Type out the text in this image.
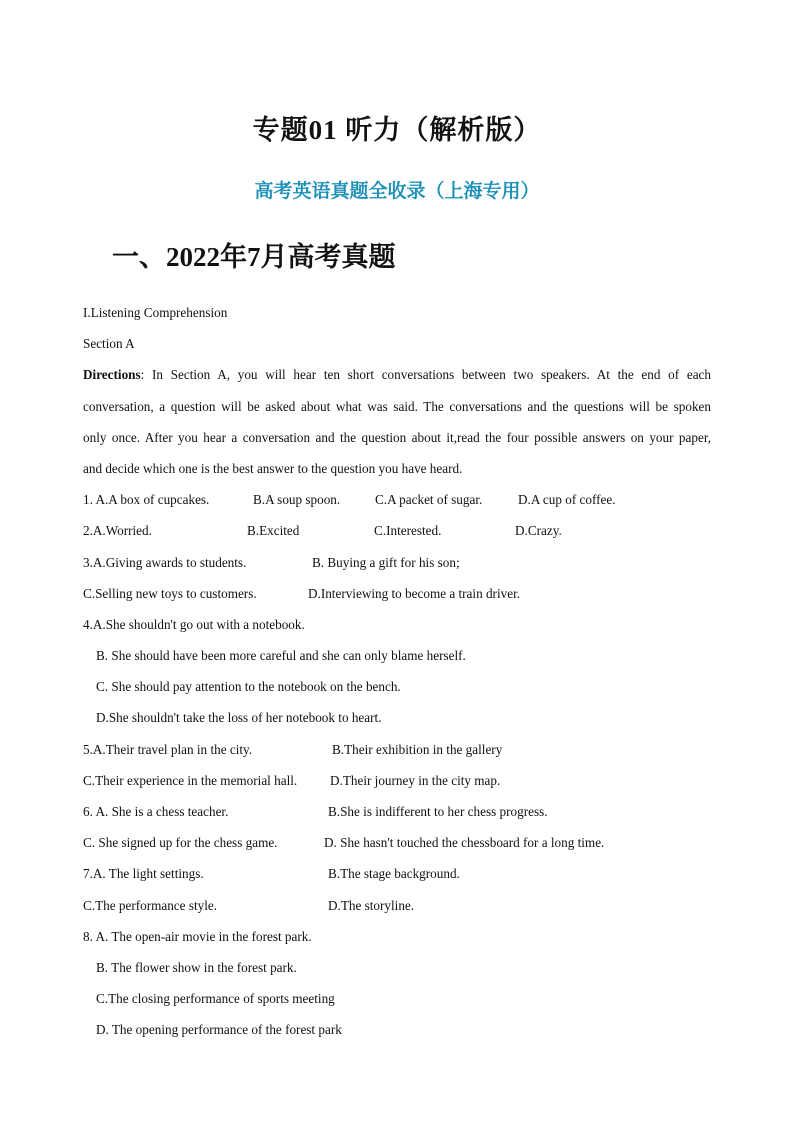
专题01 听力（解析版）
高考英语真题全收录（上海专用）
一、2022年7月高考真题
I.Listening Comprehension
Section A
Directions: In Section A, you will hear ten short conversations between two speakers. At the end of each
conversation, a question will be asked about what was said. The conversations and the questions will be spoken
only once. After you hear a conversation and the question about it,read the four possible answers on your paper,
and decide which one is the best answer to the question you have heard.
1. A.A box of cupcakes.	B.A soup spoon.	C.A packet of sugar.	D.A cup of coffee.
2.A.Worried.	B.Excited	C.Interested.	D.Crazy.
3.A.Giving awards to students.	B. Buying a gift for his son;
C.Selling new toys to customers.	D.Interviewing to become a train driver.
4.A.She shouldn't go out with a notebook.
B. She should have been more careful and she can only blame herself.
C. She should pay attention to the notebook on the bench.
D.She shouldn't take the loss of her notebook to heart.
5.A.Their travel plan in the city.	B.Their exhibition in the gallery
C.Their experience in the memorial hall. D.Their journey in the city map.
6. A. She is a chess teacher.	B.She is indifferent to her chess progress.
C. She signed up for the chess game.	D. She hasn't touched the chessboard for a long time.
7.A. The light settings.	B.The stage background.
C.The performance style.	D.The storyline.
8. A. The open-air movie in the forest park.
B. The flower show in the forest park.
C.The closing performance of sports meeting
D. The opening performance of the forest park
